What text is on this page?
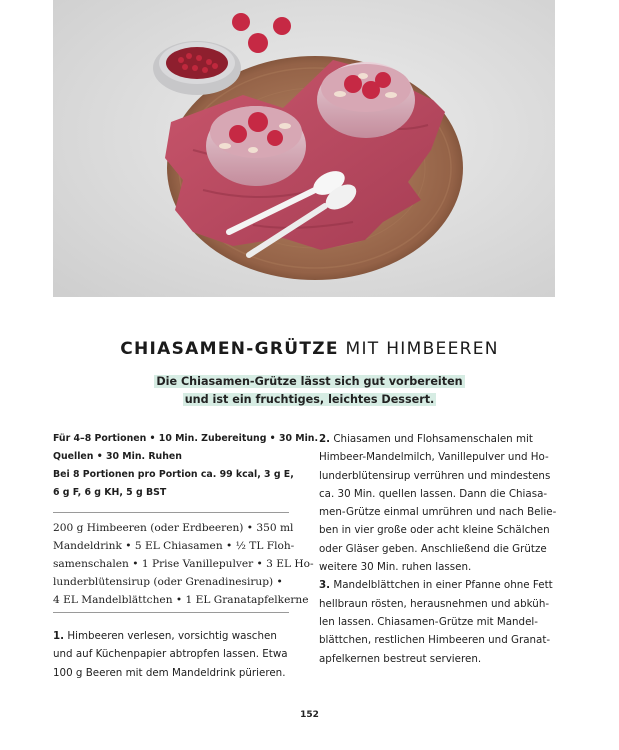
CHIASAMEN-GRÜTZE MIT HIMBEEREN
Die Chiasamen-Grütze lässt sich gut vorbereiten
und ist ein fruchtiges, leichtes Dessert.
Für 4–8 Portionen • 10 Min. Zubereitung • 30 Min.
Quellen • 30 Min. Ruhen
Bei 8 Portionen pro Portion ca. 99 kcal, 3 g E,
6 g F, 6 g KH, 5 g BST
200 g Himbeeren (oder Erdbeeren) • 350 ml
Mandeldrink • 5 EL Chiasamen • ½ TL Floh-
samenschalen • 1 Prise Vanillepulver • 3 EL Ho-
lunderblütensirup (oder Grenadinesirup) •
4 EL Mandelblättchen • 1 EL Granatapfelkerne
1. Himbeeren verlesen, vorsichtig waschen
und auf Küchenpapier abtropfen lassen. Etwa
100 g Beeren mit dem Mandeldrink pürieren.
2. Chiasamen und Flohsamenschalen mit
Himbeer-Mandelmilch, Vanillepulver und Ho-
lunderblütensirup verrühren und mindestens
ca. 30 Min. quellen lassen. Dann die Chiasa-
men-Grütze einmal umrühren und nach Belie-
ben in vier große oder acht kleine Schälchen
oder Gläser geben. Anschließend die Grütze
weitere 30 Min. ruhen lassen.
3. Mandelblättchen in einer Pfanne ohne Fett
hellbraun rösten, herausnehmen und abküh-
len lassen. Chiasamen-Grütze mit Mandel-
blättchen, restlichen Himbeeren und Granat-
apfelkernen bestreut servieren.
152
